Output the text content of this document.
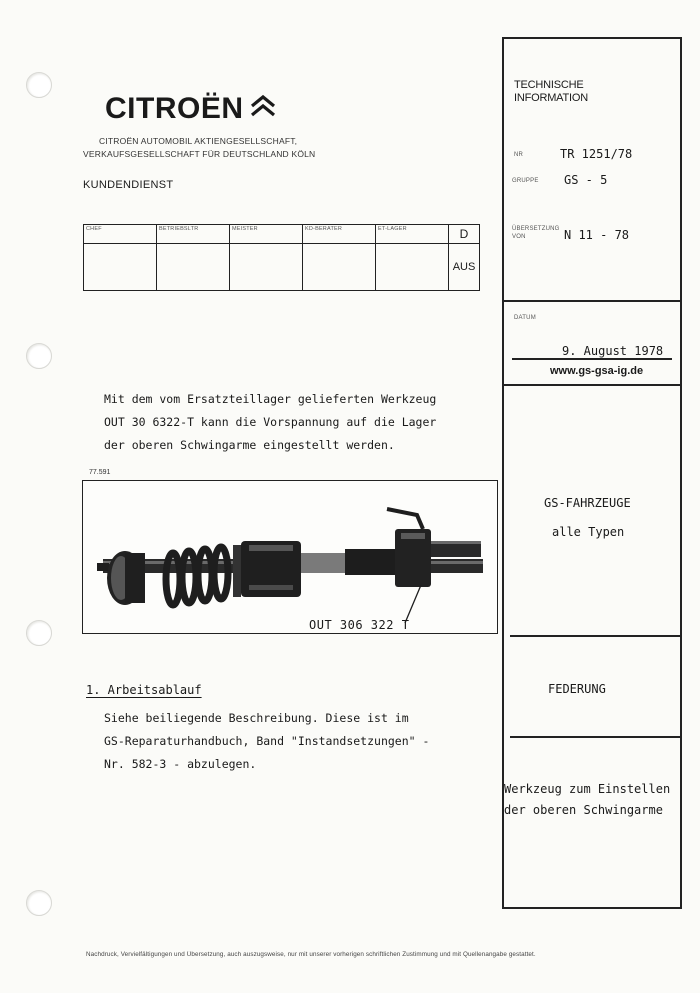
CITROËN
CITROËN AUTOMOBIL AKTIENGESELLSCHAFT,
VERKAUFSGESELLSCHAFT FÜR DEUTSCHLAND KÖLN
KUNDENDIENST
CHEF	BETRIEBSLTR	MEISTER	KD-BERATER	ET-LAGER	D
					AUS
TECHNISCHE
INFORMATION
NR	TR 1251/78
GRUPPE GS - 5
ÜBERSETZUNG
VON	N 11 - 78
DATUM
9. August 1978
www.gs-gsa-ig.de
GS-FAHRZEUGE
alle Typen
FEDERUNG
Werkzeug zum Einstellen
der oberen Schwingarme
Mit dem vom Ersatzteillager gelieferten Werkzeug
OUT 30 6322-T kann die Vorspannung auf die Lager
der oberen Schwingarme eingestellt werden.
77.591
OUT 306 322 T
1. Arbeitsablauf
Siehe beiliegende Beschreibung. Diese ist im
GS-Reparaturhandbuch, Band "Instandsetzungen" -
Nr. 582-3 - abzulegen.
Nachdruck, Vervielfältigungen und Übersetzung, auch auszugsweise, nur mit unserer vorherigen schriftlichen Zustimmung und mit Quellenangabe gestattet.
